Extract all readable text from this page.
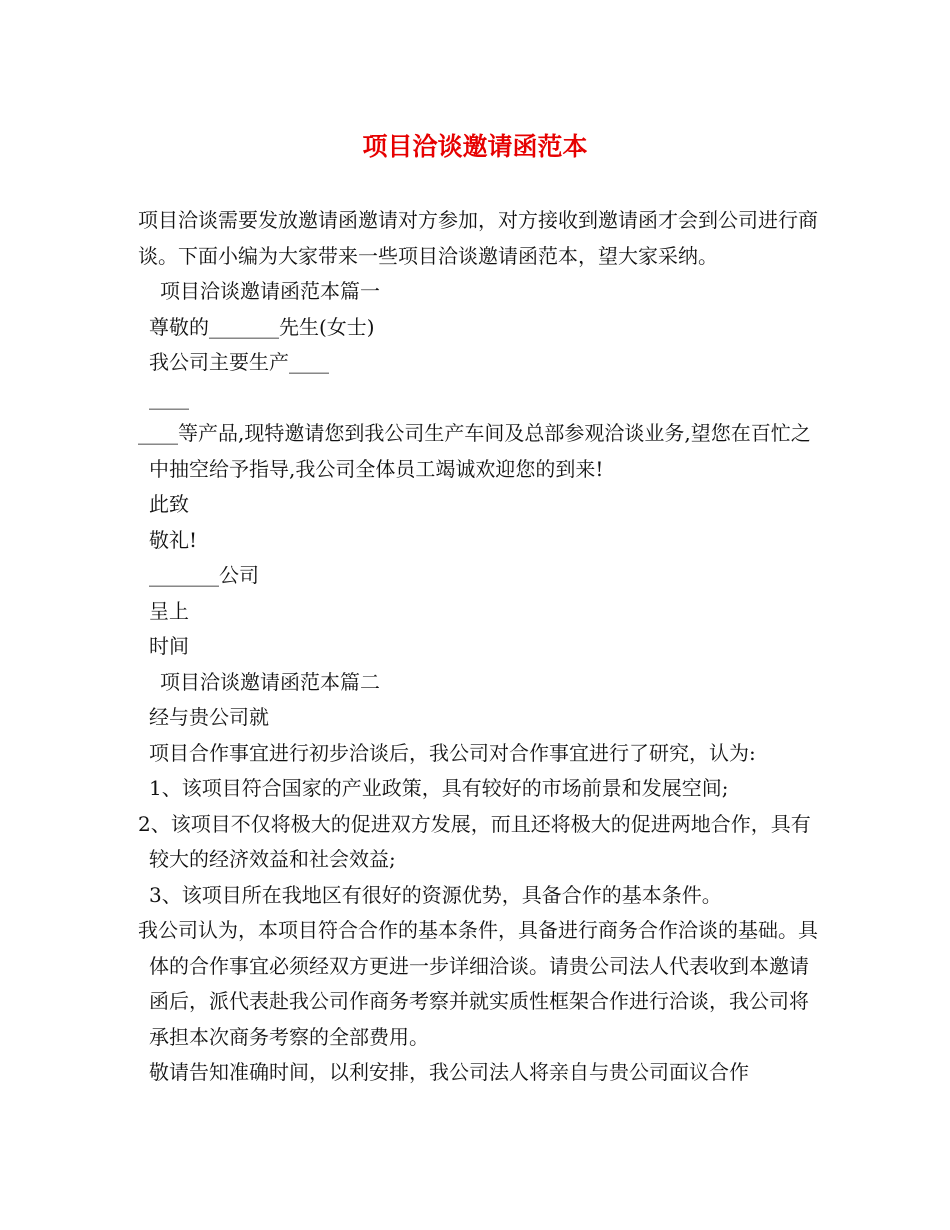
项目洽谈邀请函范本

项目洽谈需要发放邀请函邀请对方参加，对方接收到邀请函才会到公司进行商谈。下面小编为大家带来一些项目洽谈邀请函范本，望大家采纳。

项目洽谈邀请函范本篇一

尊敬的_______先生(女士)

我公司主要生产____

____

____等产品,现特邀请您到我公司生产车间及总部参观洽谈业务,望您在百忙之中抽空给予指导,我公司全体员工竭诚欢迎您的到来!

此致

敬礼!

_______公司

呈上

时间

项目洽谈邀请函范本篇二

经与贵公司就

项目合作事宜进行初步洽谈后，我公司对合作事宜进行了研究，认为:

1、该项目符合国家的产业政策，具有较好的市场前景和发展空间;

2、该项目不仅将极大的促进双方发展，而且还将极大的促进两地合作，具有较大的经济效益和社会效益;

3、该项目所在我地区有很好的资源优势，具备合作的基本条件。

我公司认为，本项目符合合作的基本条件，具备进行商务合作洽谈的基础。具体的合作事宜必须经双方更进一步详细洽谈。请贵公司法人代表收到本邀请函后，派代表赴我公司作商务考察并就实质性框架合作进行洽谈，我公司将承担本次商务考察的全部费用。

敬请告知准确时间，以利安排，我公司法人将亲自与贵公司面议合作
